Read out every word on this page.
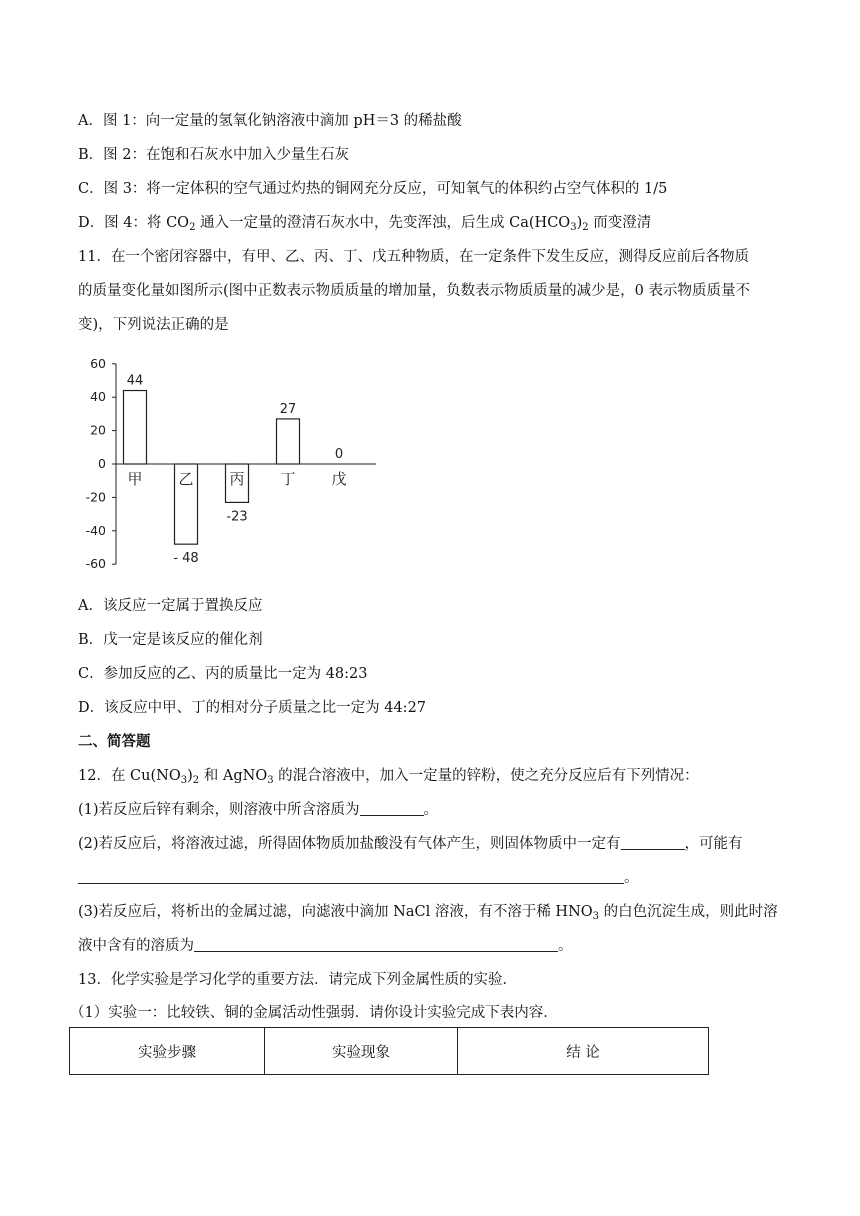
A．图 1：向一定量的氢氧化钠溶液中滴加 pH＝3 的稀盐酸
B．图 2：在饱和石灰水中加入少量生石灰
C．图 3：将一定体积的空气通过灼热的铜网充分反应，可知氧气的体积约占空气体积的 1/5
D．图 4：将 $CO_2$ 通入一定量的澄清石灰水中，先变浑浊，后生成 $Ca(HCO_3)_2$ 而变澄清
11．在一个密闭容器中，有甲、乙、丙、丁、戊五种物质，在一定条件下发生反应，测得反应前后各物质
的质量变化量如图所示(图中正数表示物质质量的增加量，负数表示物质质量的减少是，0 表示物质质量不
变)，下列说法正确的是
60
40
20
0
-20
-40
-60
44
甲
- 48
乙
-23
丙
27
丁
0
戊
A．该反应一定属于置换反应
B．戊一定是该反应的催化剂
C．参加反应的乙、丙的质量比一定为 48:23
D．该反应中甲、丁的相对分子质量之比一定为 44:27
二、简答题
12．在 $Cu(NO_3)_2$ 和 AgNO$_3$ 的混合溶液中，加入一定量的锌粉，使之充分反应后有下列情况：
(1)若反应后锌有剩余，则溶液中所含溶质为	。
(2)若反应后，将溶液过滤，所得固体物质加盐酸没有气体产生，则固体物质中一定有	，可能有
。
(3)若反应后，将析出的金属过滤，向滤液中滴加 NaCl 溶液，有不溶于稀 $HNO_3$ 的白色沉淀生成，则此时溶
液中含有的溶质为	。
13．化学实验是学习化学的重要方法．请完成下列金属性质的实验．
（1）实验一：比较铁、铜的金属活动性强弱．请你设计实验完成下表内容．
实验步骤	实验现象	结 论
